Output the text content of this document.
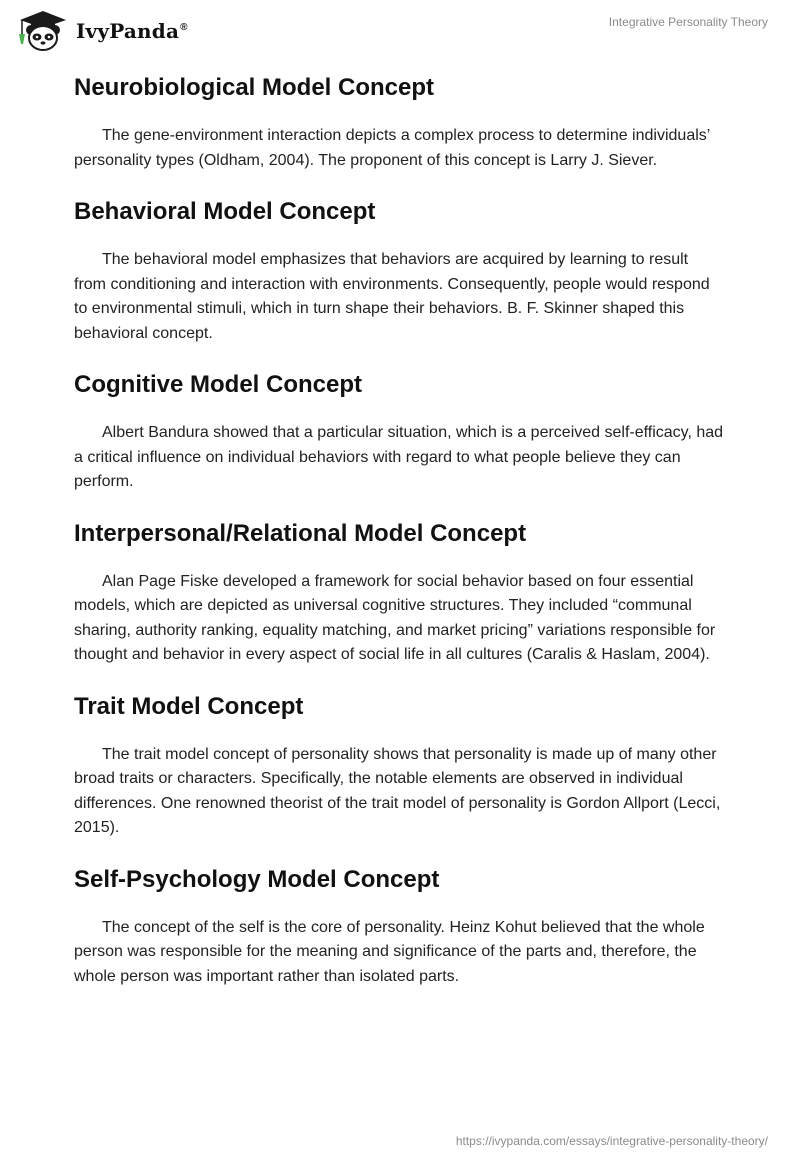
IvyPanda®	Integrative Personality Theory
Neurobiological Model Concept

The gene-environment interaction depicts a complex process to determine individuals’ personality types (Oldham, 2004). The proponent of this concept is Larry J. Siever.

Behavioral Model Concept

The behavioral model emphasizes that behaviors are acquired by learning to result from conditioning and interaction with environments. Consequently, people would respond to environmental stimuli, which in turn shape their behaviors. B. F. Skinner shaped this behavioral concept.

Cognitive Model Concept

Albert Bandura showed that a particular situation, which is a perceived self-efficacy, had a critical influence on individual behaviors with regard to what people believe they can perform.

Interpersonal/Relational Model Concept

Alan Page Fiske developed a framework for social behavior based on four essential models, which are depicted as universal cognitive structures. They included “communal sharing, authority ranking, equality matching, and market pricing” variations responsible for thought and behavior in every aspect of social life in all cultures (Caralis & Haslam, 2004).

Trait Model Concept

The trait model concept of personality shows that personality is made up of many other broad traits or characters. Specifically, the notable elements are observed in individual differences. One renowned theorist of the trait model of personality is Gordon Allport (Lecci, 2015).

Self-Psychology Model Concept

The concept of the self is the core of personality. Heinz Kohut believed that the whole person was responsible for the meaning and significance of the parts and, therefore, the whole person was important rather than isolated parts.

https://ivypanda.com/essays/integrative-personality-theory/
